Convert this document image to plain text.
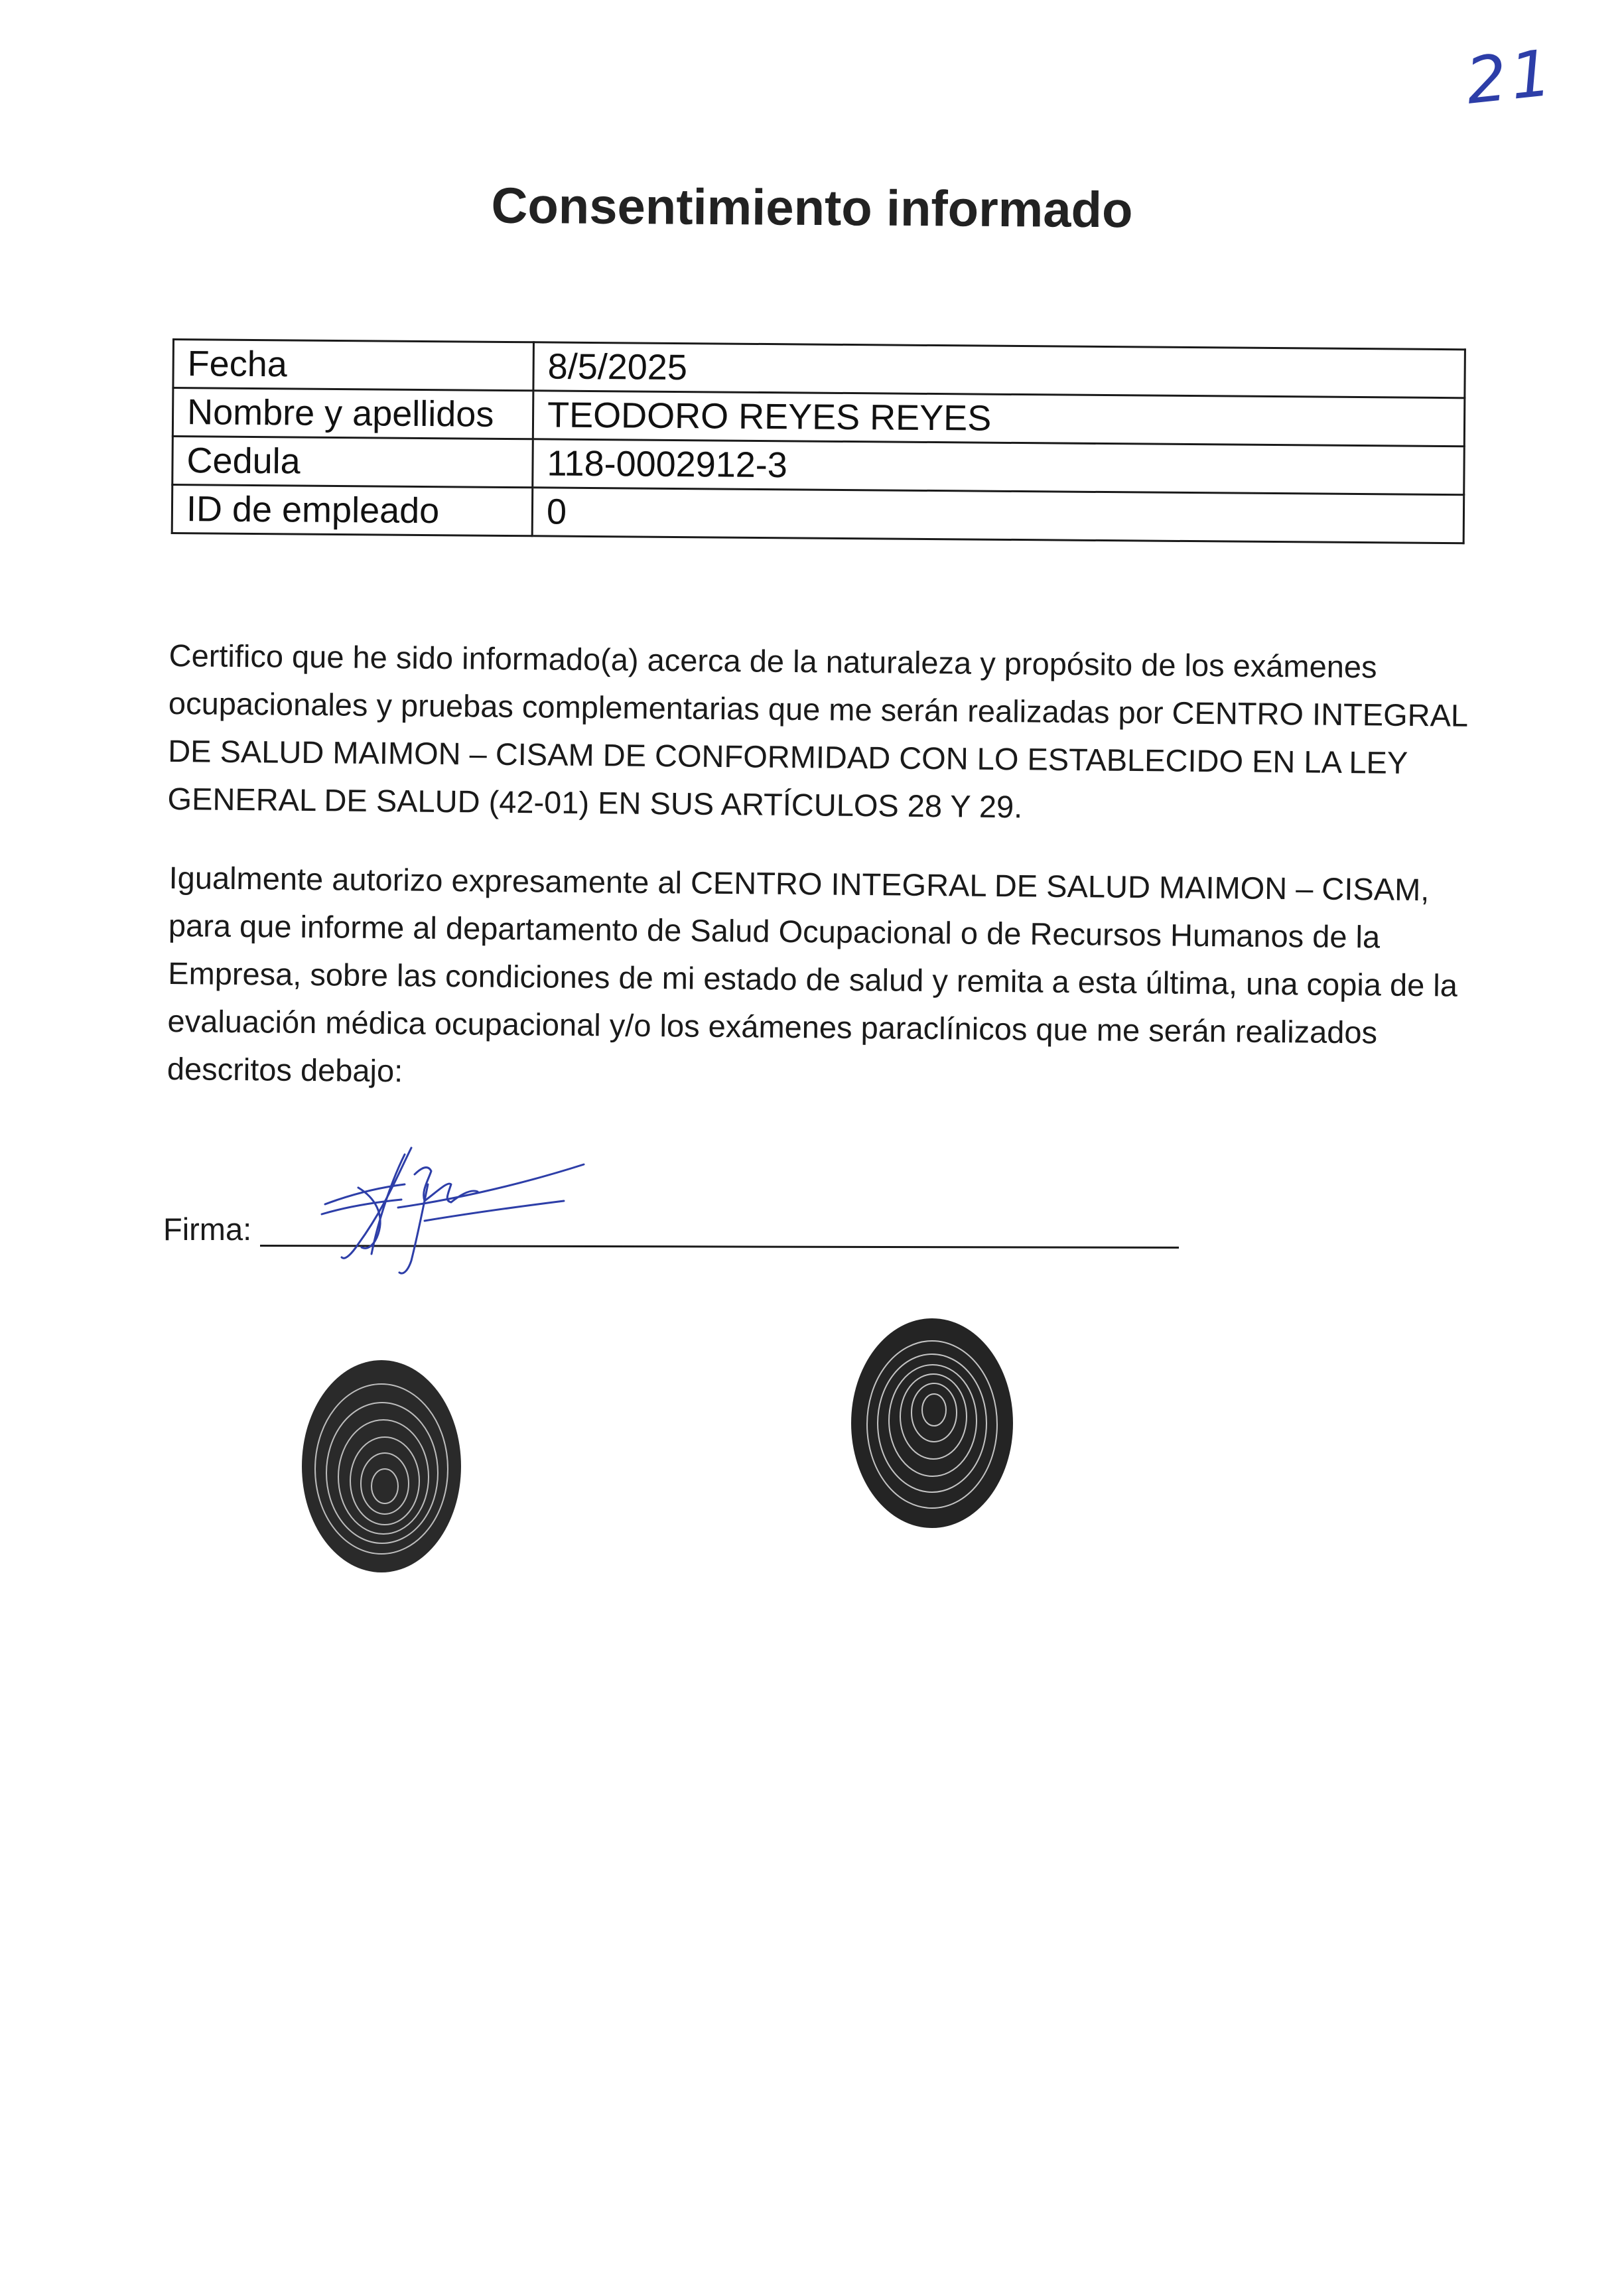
21
Consentimiento informado
Fecha	8/5/2025
Nombre y apellidos	TEODORO REYES REYES
Cedula	118-0002912-3
ID de empleado	0

Certifico que he sido informado(a) acerca de la naturaleza y propósito de los exámenes ocupacionales y pruebas complementarias que me serán realizadas por CENTRO INTEGRAL DE SALUD MAIMON – CISAM DE CONFORMIDAD CON LO ESTABLECIDO EN LA LEY GENERAL DE SALUD (42-01) EN SUS ARTÍCULOS 28 Y 29.

Igualmente autorizo expresamente al CENTRO INTEGRAL DE SALUD MAIMON – CISAM, para que informe al departamento de Salud Ocupacional o de Recursos Humanos de la Empresa, sobre las condiciones de mi estado de salud y remita a esta última, una copia de la evaluación médica ocupacional y/o los exámenes paraclínicos que me serán realizados descritos debajo:

Firma:
